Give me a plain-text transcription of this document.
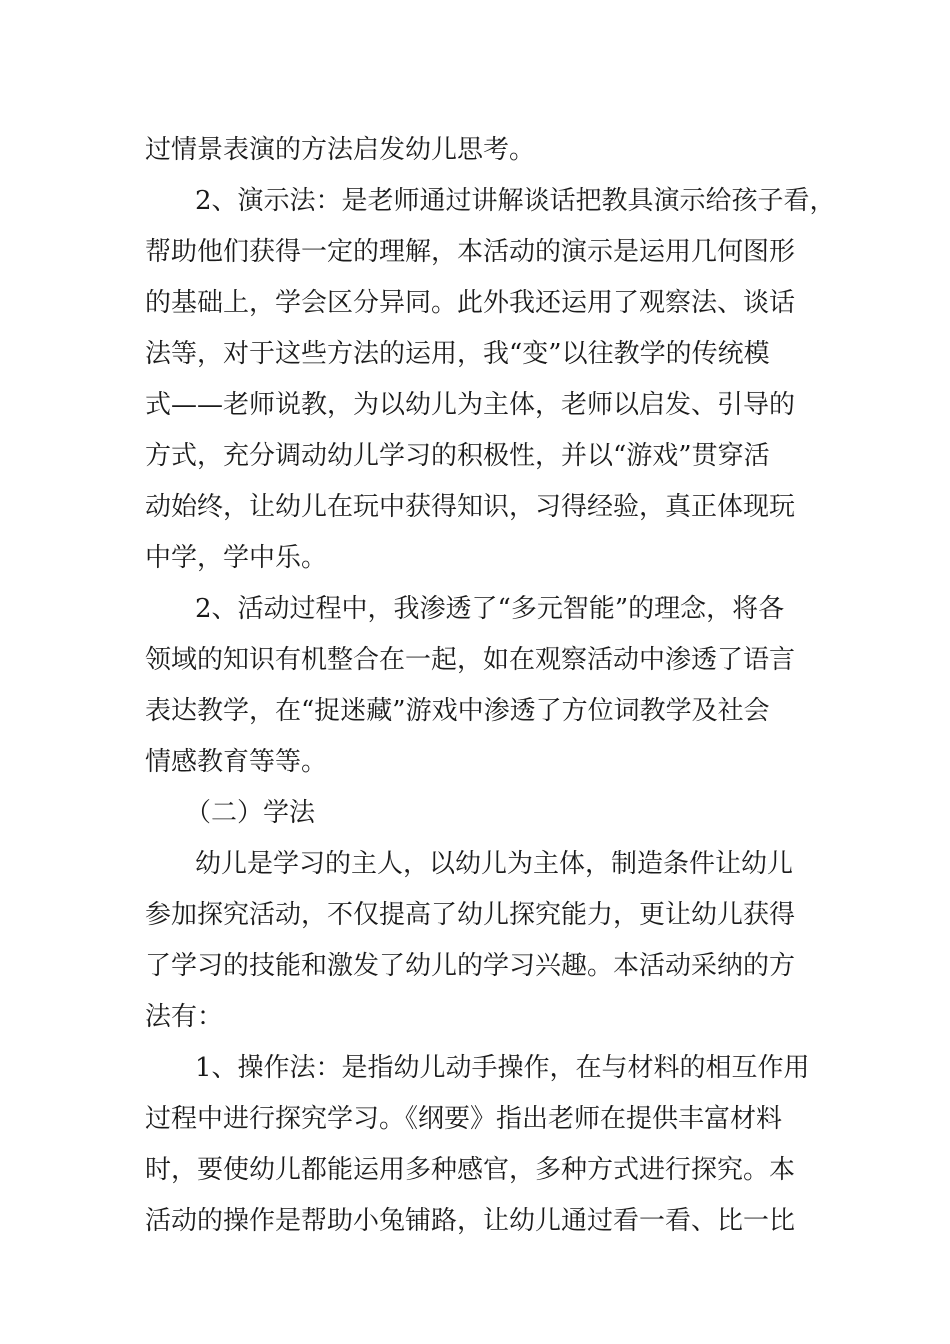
过情景表演的方法启发幼儿思考。
2、演示法：是老师通过讲解谈话把教具演示给孩子看，
帮助他们获得一定的理解，本活动的演示是运用几何图形
的基础上，学会区分异同。此外我还运用了观察法、谈话
法等，对于这些方法的运用，我“变”以往教学的传统模
式——老师说教，为以幼儿为主体，老师以启发、引导的
方式，充分调动幼儿学习的积极性，并以“游戏”贯穿活
动始终，让幼儿在玩中获得知识，习得经验，真正体现玩
中学，学中乐。
2、活动过程中，我渗透了“多元智能”的理念，将各
领域的知识有机整合在一起，如在观察活动中渗透了语言
表达教学，在“捉迷藏”游戏中渗透了方位词教学及社会
情感教育等等。
（二）学法
幼儿是学习的主人，以幼儿为主体，制造条件让幼儿
参加探究活动，不仅提高了幼儿探究能力，更让幼儿获得
了学习的技能和激发了幼儿的学习兴趣。本活动采纳的方
法有：
1、操作法：是指幼儿动手操作，在与材料的相互作用
过程中进行探究学习。《纲要》指出老师在提供丰富材料
时，要使幼儿都能运用多种感官，多种方式进行探究。本
活动的操作是帮助小兔铺路，让幼儿通过看一看、比一比
